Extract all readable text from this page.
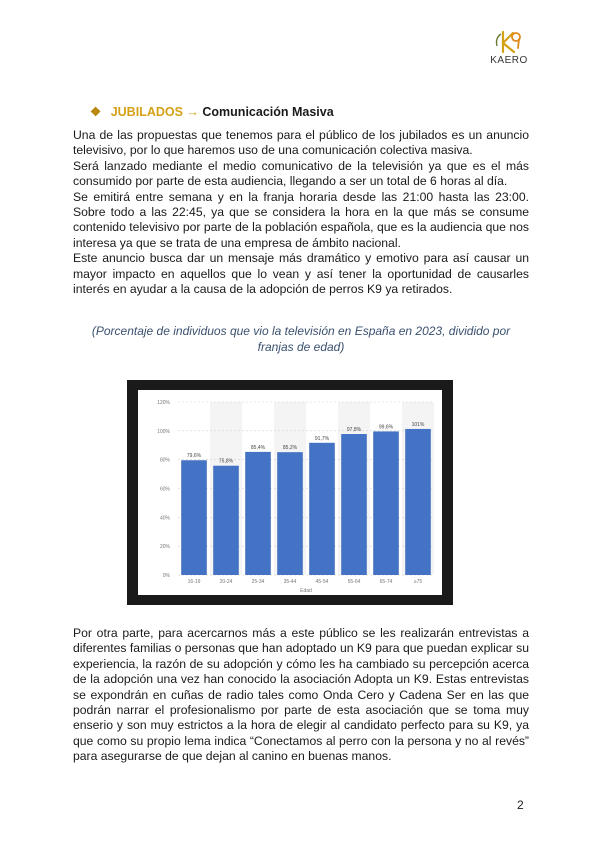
KAERO
❖ JUBILADOS → Comunicación Masiva

Una de las propuestas que tenemos para el público de los jubilados es un anuncio televisivo, por lo que haremos uso de una comunicación colectiva masiva.

Será lanzado mediante el medio comunicativo de la televisión ya que es el más consumido por parte de esta audiencia, llegando a ser un total de 6 horas al día.

Se emitirá entre semana y en la franja horaria desde las 21:00 hasta las 23:00. Sobre todo a las 22:45, ya que se considera la hora en la que más se consume contenido televisivo por parte de la población española, que es la audiencia que nos interesa ya que se trata de una empresa de ámbito nacional.

Este anuncio busca dar un mensaje más dramático y emotivo para así causar un mayor impacto en aquellos que lo vean y así tener la oportunidad de causarles interés en ayudar a la causa de la adopción de perros K9 ya retirados.

(Porcentaje de individuos que vio la televisión en España en 2023, dividido por franjas de edad)
0%
20%
40%
60%
80%
100%
120%
79,6%
16-19
75,8%
20-24
85,4%
25-34
85,2%
35-44
91,7%
45-54
97,8%
55-64
99,6%
65-74
101%
≥75
Edad

Por otra parte, para acercarnos más a este público se les realizarán entrevistas a diferentes familias o personas que han adoptado un K9 para que puedan explicar su experiencia, la razón de su adopción y cómo les ha cambiado su percepción acerca de la adopción una vez han conocido la asociación Adopta un K9. Estas entrevistas se expondrán en cuñas de radio tales como Onda Cero y Cadena Ser en las que podrán narrar el profesionalismo por parte de esta asociación que se toma muy enserio y son muy estrictos a la hora de elegir al candidato perfecto para su K9, ya que como su propio lema indica “Conectamos al perro con la persona y no al revés” para asegurarse de que dejan al canino en buenas manos.

2
